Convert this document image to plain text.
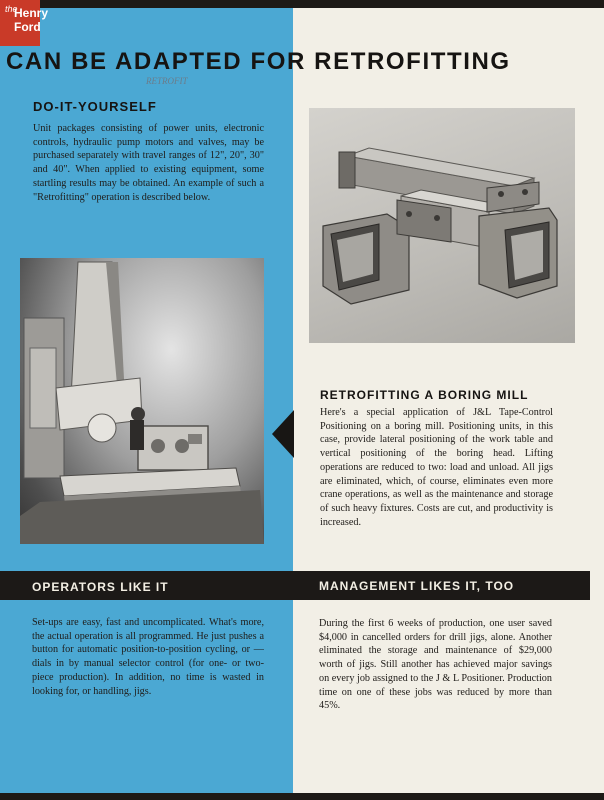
the
Henry
Ford
CAN BE ADAPTED FOR RETROFITTING
RETROFIT
DO-IT-YOURSELF
Unit packages consisting of power units, electronic controls, hydraulic pump motors and valves, may be purchased separately with travel ranges of 12", 20", 30" and 40". When applied to existing equipment, some startling results may be obtained. An example of such a "Retrofitting" operation is described below.
RETROFITTING A BORING MILL
Here's a special application of J&L Tape-Control Positioning on a boring mill. Positioning units, in this case, provide lateral positioning of the work table and vertical positioning of the boring head. Lifting operations are reduced to two: load and unload. All jigs are eliminated, which, of course, eliminates even more crane operations, as well as the maintenance and storage of such heavy fixtures. Costs are cut, and productivity is increased.
OPERATORS LIKE IT	MANAGEMENT LIKES IT, TOO
Set-ups are easy, fast and uncomplicated. What's more, the actual operation is all programmed. He just pushes a button for automatic position-to-position cycling, or — dials in by manual selector control (for one- or two-piece production). In addition, no time is wasted in looking for, or handling, jigs.
During the first 6 weeks of production, one user saved $4,000 in cancelled orders for drill jigs, alone. Another eliminated the storage and maintenance of $29,000 worth of jigs. Still another has achieved major savings on every job assigned to the J & L Positioner. Production time on one of these jobs was reduced by more than 45%.
